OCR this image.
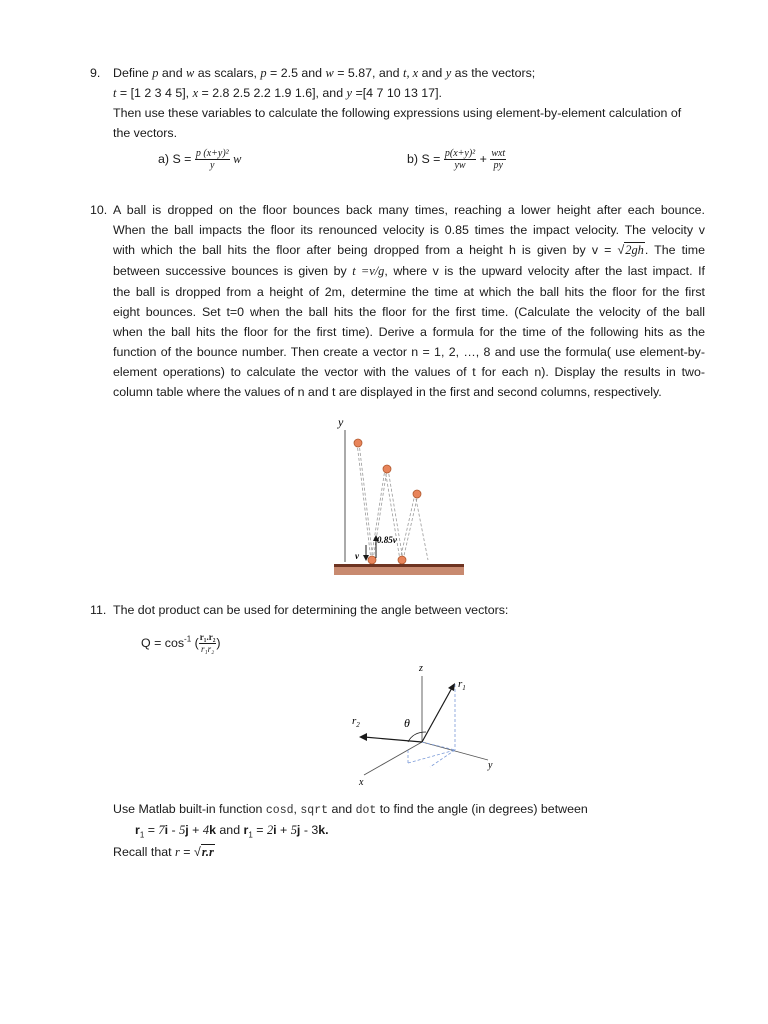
9. Define p and w as scalars, p = 2.5 and w = 5.87, and t, x and y as the vectors;
t = [1 2 3 4 5], x = 2.8 2.5 2.2 1.9 1.6], and y =[4 7 10 13 17].
Then use these variables to calculate the following expressions using element-by-element calculation of
the vectors.
a) $S = \frac{\text{p (x+y)²}}{y}$ w	b) $S = \frac{\text{p(x+y)²}}{yw} + \frac{\text{wxt}}{py}$
10. A ball is dropped on the floor bounces back many times, reaching a lower height after each bounce.
When the ball impacts the floor its renounced velocity is 0.85 times the impact velocity. The velocity v
with which the ball hits the floor after being dropped from a height h is given by v = √2gh. The time
between successive bounces is given by t =v/g, where v is the upward velocity after the last impact. If
the ball is dropped from a height of 2m, determine the time at which the ball hits the floor for the first
eight bounces. Set t=0 when the ball hits the floor for the first time. (Calculate the velocity of the ball
when the ball hits the floor for the first time). Derive a formula for the time of the following hits as the
function of the bounce number. Then create a vector n = 1, 2, …, 8 and use the formula( use element-by-
element operations) to calculate the vector with the values of t for each n). Display the results in two-
column table where the values of n and t are displayed in the first and second columns, respectively.
y
v
0.85v
11. The dot product can be used for determining the angle between vectors:
$Q = \cos^{-1}$ ( $\frac{\text{r₁.r₂}}{\text{r₁r₂}}$ )
z
y
x
$r_1$
$r_2$	θ
Use Matlab built-in function cosd, sqrt and dot to find the angle (in degrees) between
$r_1 = 7i - 5j + 4k$ and $r_1 = 2i + 5j - 3k$.
Recall that r = √r.r
